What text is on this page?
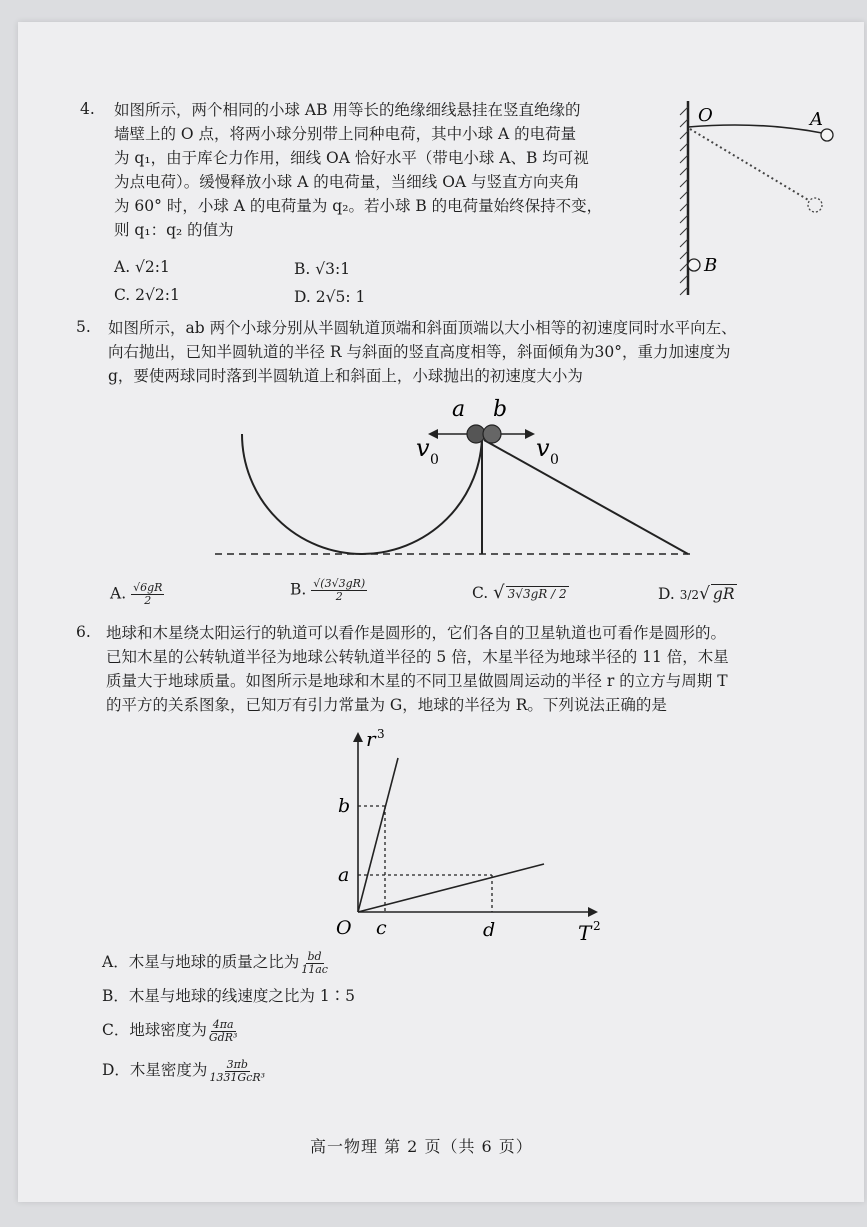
4. 如图所示，两个相同的小球 AB 用等长的绝缘细线悬挂在竖直绝缘的
墙壁上的 O 点，将两小球分别带上同种电荷，其中小球 A 的电荷量
为 q₁，由于库仑力作用，细线 OA 恰好水平（带电小球 A、B 均可视
为点电荷）。缓慢释放小球 A 的电荷量，当细线 OA 与竖直方向夹角
为 60° 时，小球 A 的电荷量为 q₂。若小球 B 的电荷量始终保持不变，
则 q₁：q₂ 的值为
A. √2:1	B. √3:1
C. 2√2:1	D. 2√5: 1
O	A
B
5. 如图所示，ab 两个小球分别从半圆轨道顶端和斜面顶端以大小相等的初速度同时水平向左、
向右抛出，已知半圆轨道的半径 R 与斜面的竖直高度相等，斜面倾角为30°，重力加速度为
g，要使两球同时落到半圆轨道上和斜面上，小球抛出的初速度大小为
a b
v 0	v 0
A. $\frac{√6gR}{2}$	B. $\frac{√(3√3gR)}{2}$	C. √ 3√3gR / 2	D. 3/2√ gR
6. 地球和木星绕太阳运行的轨道可以看作是圆形的，它们各自的卫星轨道也可看作是圆形的。
已知木星的公转轨道半径为地球公转轨道半径的 5 倍，木星半径为地球半径的 11 倍，木星
质量大于地球质量。如图所示是地球和木星的不同卫星做圆周运动的半径 r 的立方与周期 T
的平方的关系图象，已知万有引力常量为 G，地球的半径为 R。下列说法正确的是
r 3
T 2
O
b
a
c	d
A．木星与地球的质量之比为 $\frac{bd}{11ac}$
B．木星与地球的线速度之比为 1∶5
C．地球密度为 $\frac{4\pi a}{\text{GdR³}}$
D．木星密度为 $\frac{3\pi b}{\text{1331GcR³}}$
高一物理 第 2 页（共 6 页）
